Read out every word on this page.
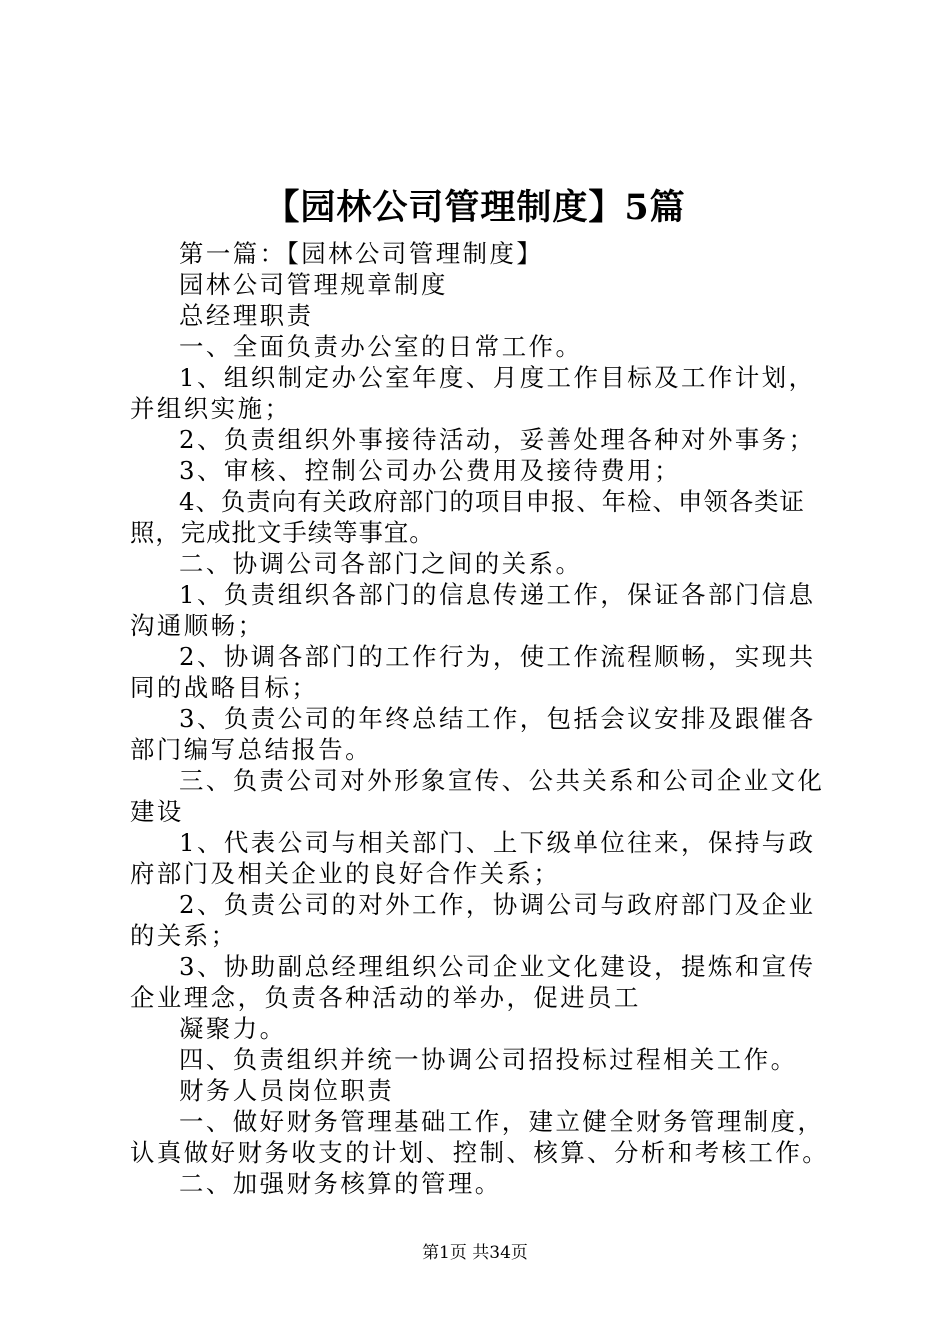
【园林公司管理制度】5篇

第一篇：【园林公司管理制度】

园林公司管理规章制度

总经理职责

一、全面负责办公室的日常工作。

1、组织制定办公室年度、月度工作目标及工作计划，并组织实施；

2、负责组织外事接待活动，妥善处理各种对外事务；

3、审核、控制公司办公费用及接待费用；

4、负责向有关政府部门的项目申报、年检、申领各类证照，完成批文手续等事宜。

二、协调公司各部门之间的关系。

1、负责组织各部门的信息传递工作，保证各部门信息沟通顺畅；

2、协调各部门的工作行为，使工作流程顺畅，实现共同的战略目标；

3、负责公司的年终总结工作，包括会议安排及跟催各部门编写总结报告。

三、负责公司对外形象宣传、公共关系和公司企业文化建设

1、代表公司与相关部门、上下级单位往来，保持与政府部门及相关企业的良好合作关系；

2、负责公司的对外工作，协调公司与政府部门及企业的关系；

3、协助副总经理组织公司企业文化建设，提炼和宣传企业理念，负责各种活动的举办，促进员工

凝聚力。

四、负责组织并统一协调公司招投标过程相关工作。

财务人员岗位职责

一、做好财务管理基础工作，建立健全财务管理制度，认真做好财务收支的计划、控制、核算、分析和考核工作。

二、加强财务核算的管理。

第1页 共34页
